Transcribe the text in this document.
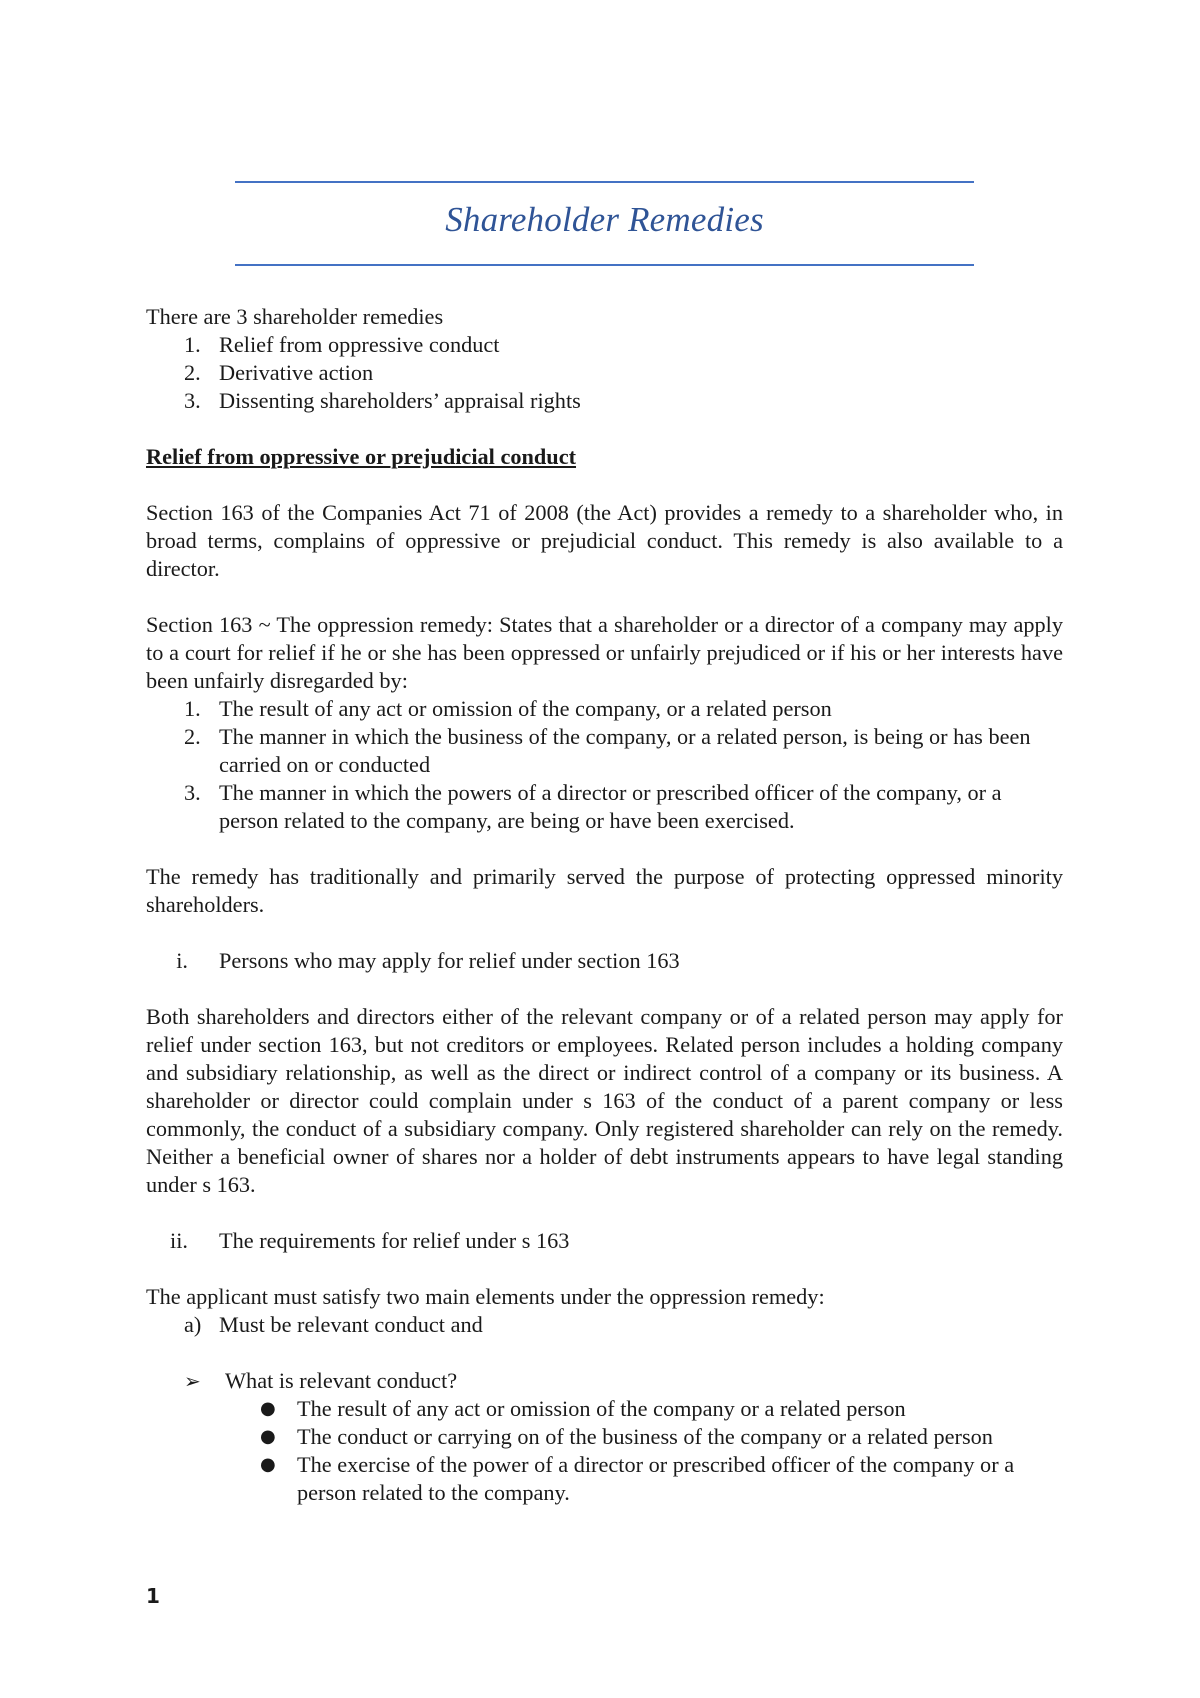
Shareholder Remedies

There are 3 shareholder remedies

1. Relief from oppressive conduct
2. Derivative action
3. Dissenting shareholders’ appraisal rights

Relief from oppressive or prejudicial conduct

Section 163 of the Companies Act 71 of 2008 (the Act) provides a remedy to a shareholder who, in broad terms, complains of oppressive or prejudicial conduct. This remedy is also available to a director.

Section 163 ~ The oppression remedy: States that a shareholder or a director of a company may apply to a court for relief if he or she has been oppressed or unfairly prejudiced or if his or her interests have been unfairly disregarded by:

1. The result of any act or omission of the company, or a related person
2. The manner in which the business of the company, or a related person, is being or has been carried on or conducted
3. The manner in which the powers of a director or prescribed officer of the company, or a person related to the company, are being or have been exercised.

The remedy has traditionally and primarily served the purpose of protecting oppressed minority shareholders.

i. Persons who may apply for relief under section 163

Both shareholders and directors either of the relevant company or of a related person may apply for relief under section 163, but not creditors or employees. Related person includes a holding company and subsidiary relationship, as well as the direct or indirect control of a company or its business. A shareholder or director could complain under s 163 of the conduct of a parent company or less commonly, the conduct of a subsidiary company. Only registered shareholder can rely on the remedy. Neither a beneficial owner of shares nor a holder of debt instruments appears to have legal standing under s 163.

ii. The requirements for relief under s 163

The applicant must satisfy two main elements under the oppression remedy:

a) Must be relevant conduct and
➢ What is relevant conduct?
● The result of any act or omission of the company or a related person
● The conduct or carrying on of the business of the company or a related person
● The exercise of the power of a director or prescribed officer of the company or a person related to the company.
1
